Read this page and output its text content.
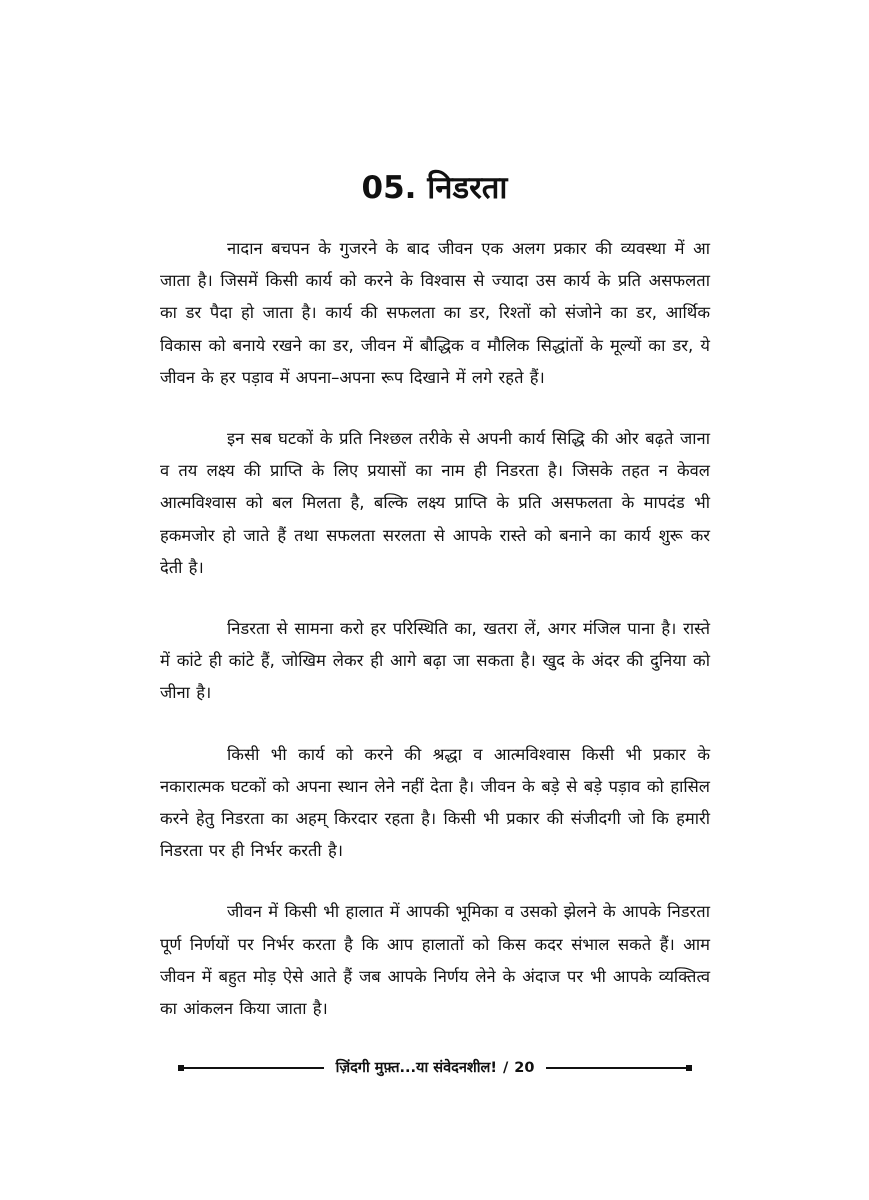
05. निडरता

नादान बचपन के गुजरने के बाद जीवन एक अलग प्रकार की व्यवस्था में आ जाता है। जिसमें किसी कार्य को करने के विश्वास से ज्यादा उस कार्य के प्रति असफलता का डर पैदा हो जाता है। कार्य की सफलता का डर, रिश्तों को संजोने का डर, आर्थिक विकास को बनाये रखने का डर, जीवन में बौद्धिक व मौलिक सिद्धांतों के मूल्यों का डर, ये जीवन के हर पड़ाव में अपना–अपना रूप दिखाने में लगे रहते हैं।

इन सब घटकों के प्रति निश्छल तरीके से अपनी कार्य सिद्धि की ओर बढ़ते जाना व तय लक्ष्य की प्राप्ति के लिए प्रयासों का नाम ही निडरता है। जिसके तहत न केवल आत्मविश्वास को बल मिलता है, बल्कि लक्ष्य प्राप्ति के प्रति असफलता के मापदंड भी हकमजोर हो जाते हैं तथा सफलता सरलता से आपके रास्ते को बनाने का कार्य शुरू कर देती है।

निडरता से सामना करो हर परिस्थिति का, खतरा लें, अगर मंजिल पाना है। रास्ते में कांटे ही कांटे हैं, जोखिम लेकर ही आगे बढ़ा जा सकता है। खुद के अंदर की दुनिया को जीना है।

किसी भी कार्य को करने की श्रद्धा व आत्मविश्वास किसी भी प्रकार के नकारात्मक घटकों को अपना स्थान लेने नहीं देता है। जीवन के बड़े से बड़े पड़ाव को हासिल करने हेतु निडरता का अहम् किरदार रहता है। किसी भी प्रकार की संजीदगी जो कि हमारी निडरता पर ही निर्भर करती है।

जीवन में किसी भी हालात में आपकी भूमिका व उसको झेलने के आपके निडरता पूर्ण निर्णयों पर निर्भर करता है कि आप हालातों को किस कदर संभाल सकते हैं। आम जीवन में बहुत मोड़ ऐसे आते हैं जब आपके निर्णय लेने के अंदाज पर भी आपके व्यक्तित्व का आंकलन किया जाता है।

ज़िंदगी मुफ़्त...या संवेदनशील! / 20
